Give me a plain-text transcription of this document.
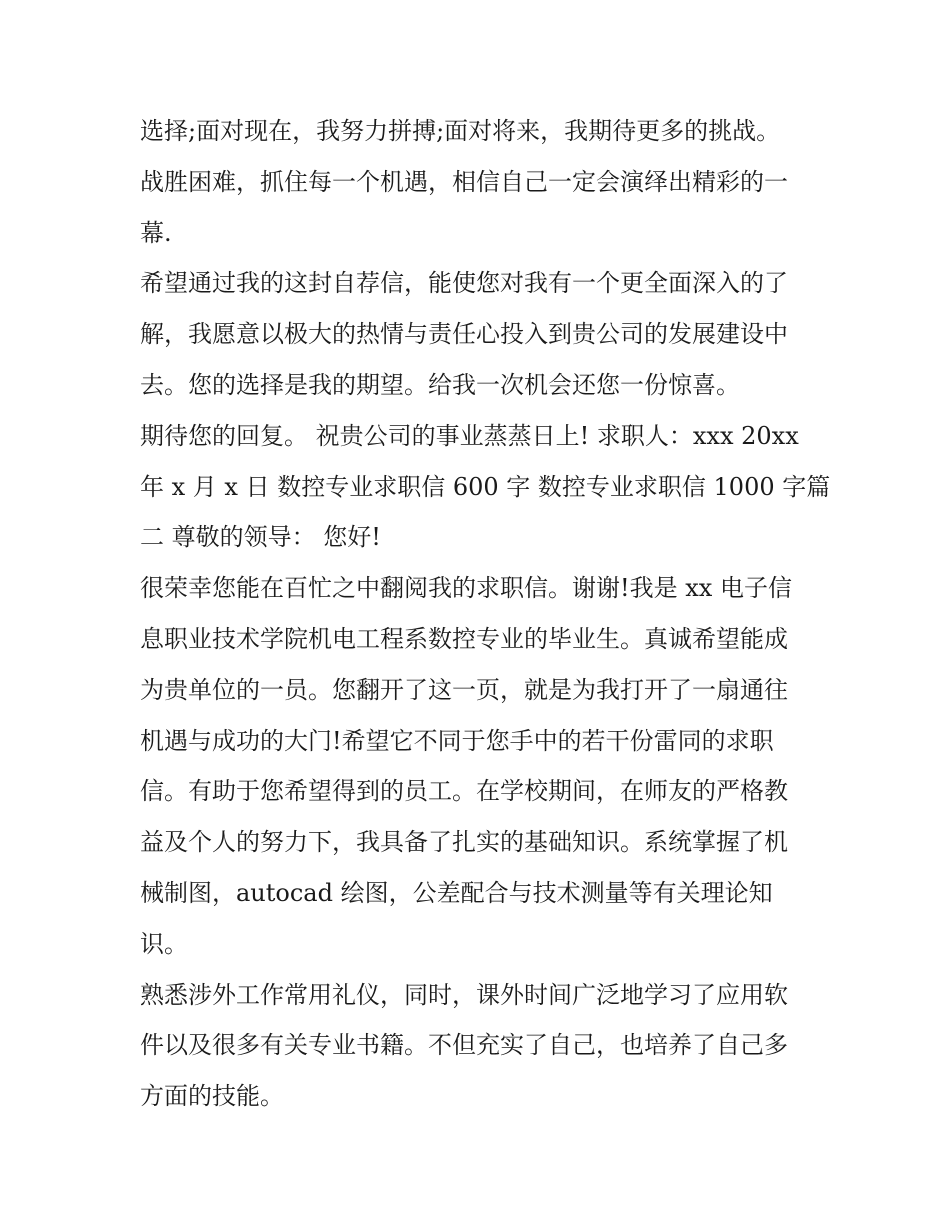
选择;面对现在，我努力拼搏;面对将来，我期待更多的挑战。
战胜困难，抓住每一个机遇，相信自己一定会演绎出精彩的一
幕.
希望通过我的这封自荐信，能使您对我有一个更全面深入的了
解，我愿意以极大的热情与责任心投入到贵公司的发展建设中
去。您的选择是我的期望。给我一次机会还您一份惊喜。
期待您的回复。 祝贵公司的事业蒸蒸日上! 求职人：xxx 20xx
年 x 月 x 日 数控专业求职信 600 字 数控专业求职信 1000 字篇
二 尊敬的领导： 您好!
很荣幸您能在百忙之中翻阅我的求职信。谢谢!我是 xx 电子信
息职业技术学院机电工程系数控专业的毕业生。真诚希望能成
为贵单位的一员。您翻开了这一页，就是为我打开了一扇通往
机遇与成功的大门!希望它不同于您手中的若干份雷同的求职
信。有助于您希望得到的员工。在学校期间，在师友的严格教
益及个人的努力下，我具备了扎实的基础知识。系统掌握了机
械制图，autocad 绘图，公差配合与技术测量等有关理论知
识。
熟悉涉外工作常用礼仪，同时，课外时间广泛地学习了应用软
件以及很多有关专业书籍。不但充实了自己，也培养了自己多
方面的技能。
